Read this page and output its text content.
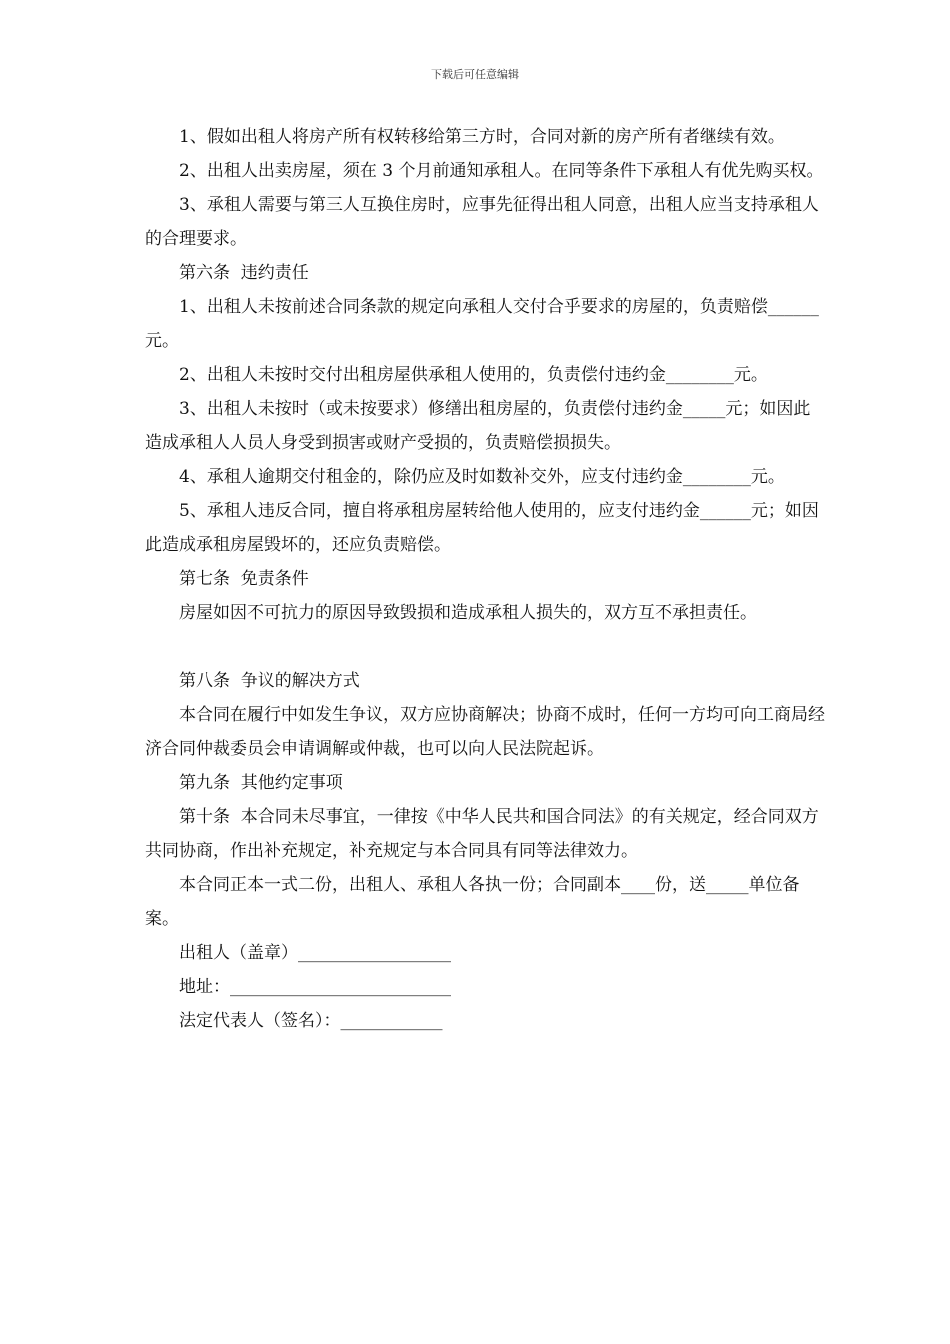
下载后可任意编辑

1、假如出租人将房产所有权转移给第三方时，合同对新的房产所有者继续有效。

2、出租人出卖房屋，须在 3 个月前通知承租人。在同等条件下承租人有优先购买权。

3、承租人需要与第三人互换住房时，应事先征得出租人同意，出租人应当支持承租人的合理要求。

第六条  违约责任

1、出租人未按前述合同条款的规定向承租人交付合乎要求的房屋的，负责赔偿______元。

2、出租人未按时交付出租房屋供承租人使用的，负责偿付违约金________元。

3、出租人未按时（或未按要求）修缮出租房屋的，负责偿付违约金_____元；如因此造成承租人人员人身受到损害或财产受损的，负责赔偿损损失。

4、承租人逾期交付租金的，除仍应及时如数补交外，应支付违约金________元。

5、承租人违反合同，擅自将承租房屋转给他人使用的，应支付违约金______元；如因此造成承租房屋毁坏的，还应负责赔偿。

第七条  免责条件

房屋如因不可抗力的原因导致毁损和造成承租人损失的，双方互不承担责任。

第八条  争议的解决方式

本合同在履行中如发生争议，双方应协商解决；协商不成时，任何一方均可向工商局经济合同仲裁委员会申请调解或仲裁，也可以向人民法院起诉。

第九条  其他约定事项

第十条  本合同未尽事宜，一律按《中华人民共和国合同法》的有关规定，经合同双方共同协商，作出补充规定，补充规定与本合同具有同等法律效力。

本合同正本一式二份，出租人、承租人各执一份；合同副本____份，送_____单位备案。

出租人（盖章）__________________

地址：__________________________

法定代表人（签名）：____________
